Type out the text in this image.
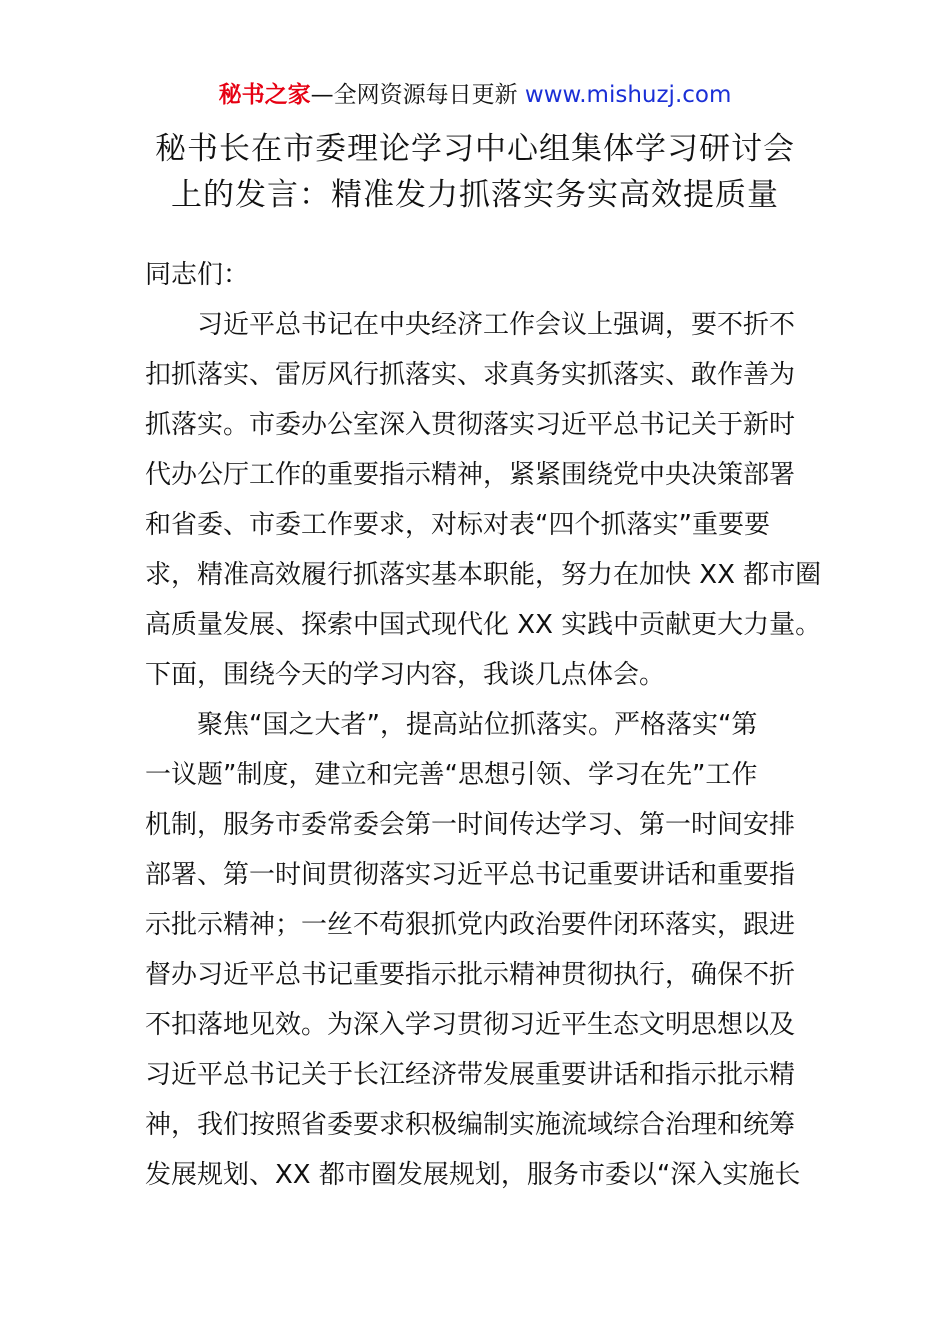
秘书之家—全网资源每日更新 www.mishuzj.com
秘书长在市委理论学习中心组集体学习研讨会
上的发言：精准发力抓落实务实高效提质量
同志们：
习近平总书记在中央经济工作会议上强调，要不折不
扣抓落实、雷厉风行抓落实、求真务实抓落实、敢作善为
抓落实。市委办公室深入贯彻落实习近平总书记关于新时
代办公厅工作的重要指示精神，紧紧围绕党中央决策部署
和省委、市委工作要求，对标对表“四个抓落实”重要要
求，精准高效履行抓落实基本职能，努力在加快 XX 都市圈
高质量发展、探索中国式现代化 XX 实践中贡献更大力量。
下面，围绕今天的学习内容，我谈几点体会。
聚焦“国之大者”，提高站位抓落实。严格落实“第
一议题”制度，建立和完善“思想引领、学习在先”工作
机制，服务市委常委会第一时间传达学习、第一时间安排
部署、第一时间贯彻落实习近平总书记重要讲话和重要指
示批示精神；一丝不苟狠抓党内政治要件闭环落实，跟进
督办习近平总书记重要指示批示精神贯彻执行，确保不折
不扣落地见效。为深入学习贯彻习近平生态文明思想以及
习近平总书记关于长江经济带发展重要讲话和指示批示精
神，我们按照省委要求积极编制实施流域综合治理和统筹
发展规划、XX 都市圈发展规划，服务市委以“深入实施长
